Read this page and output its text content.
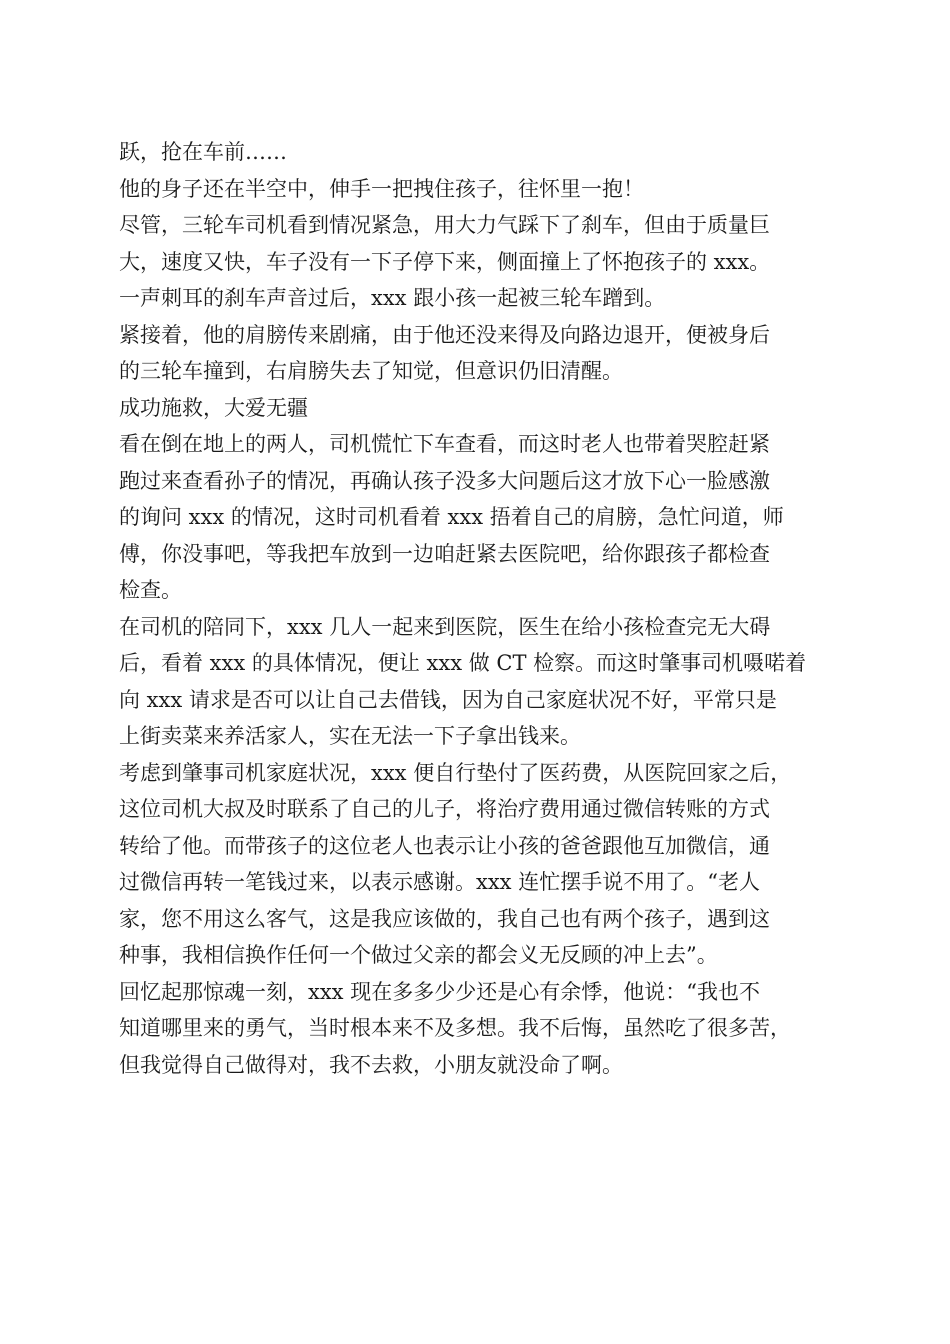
跃，抢在车前……
他的身子还在半空中，伸手一把拽住孩子，往怀里一抱！
尽管，三轮车司机看到情况紧急，用大力气踩下了刹车，但由于质量巨
大，速度又快，车子没有一下子停下来，侧面撞上了怀抱孩子的 xxx。
一声刺耳的刹车声音过后，xxx 跟小孩一起被三轮车蹭到。
紧接着，他的肩膀传来剧痛，由于他还没来得及向路边退开，便被身后
的三轮车撞到，右肩膀失去了知觉，但意识仍旧清醒。
成功施救，大爱无疆
看在倒在地上的两人，司机慌忙下车查看，而这时老人也带着哭腔赶紧
跑过来查看孙子的情况，再确认孩子没多大问题后这才放下心一脸感激
的询问 xxx 的情况，这时司机看着 xxx 捂着自己的肩膀，急忙问道，师
傅，你没事吧，等我把车放到一边咱赶紧去医院吧，给你跟孩子都检查
检查。
在司机的陪同下，xxx 几人一起来到医院，医生在给小孩检查完无大碍
后，看着 xxx 的具体情况，便让 xxx 做 CT 检察。而这时肇事司机嗫喏着
向 xxx 请求是否可以让自己去借钱，因为自己家庭状况不好，平常只是
上街卖菜来养活家人，实在无法一下子拿出钱来。
考虑到肇事司机家庭状况，xxx 便自行垫付了医药费，从医院回家之后，
这位司机大叔及时联系了自己的儿子，将治疗费用通过微信转账的方式
转给了他。而带孩子的这位老人也表示让小孩的爸爸跟他互加微信，通
过微信再转一笔钱过来，以表示感谢。xxx 连忙摆手说不用了。“老人
家，您不用这么客气，这是我应该做的，我自己也有两个孩子，遇到这
种事，我相信换作任何一个做过父亲的都会义无反顾的冲上去”。
回忆起那惊魂一刻，xxx 现在多多少少还是心有余悸，他说：“我也不
知道哪里来的勇气，当时根本来不及多想。我不后悔，虽然吃了很多苦，
但我觉得自己做得对，我不去救，小朋友就没命了啊。
